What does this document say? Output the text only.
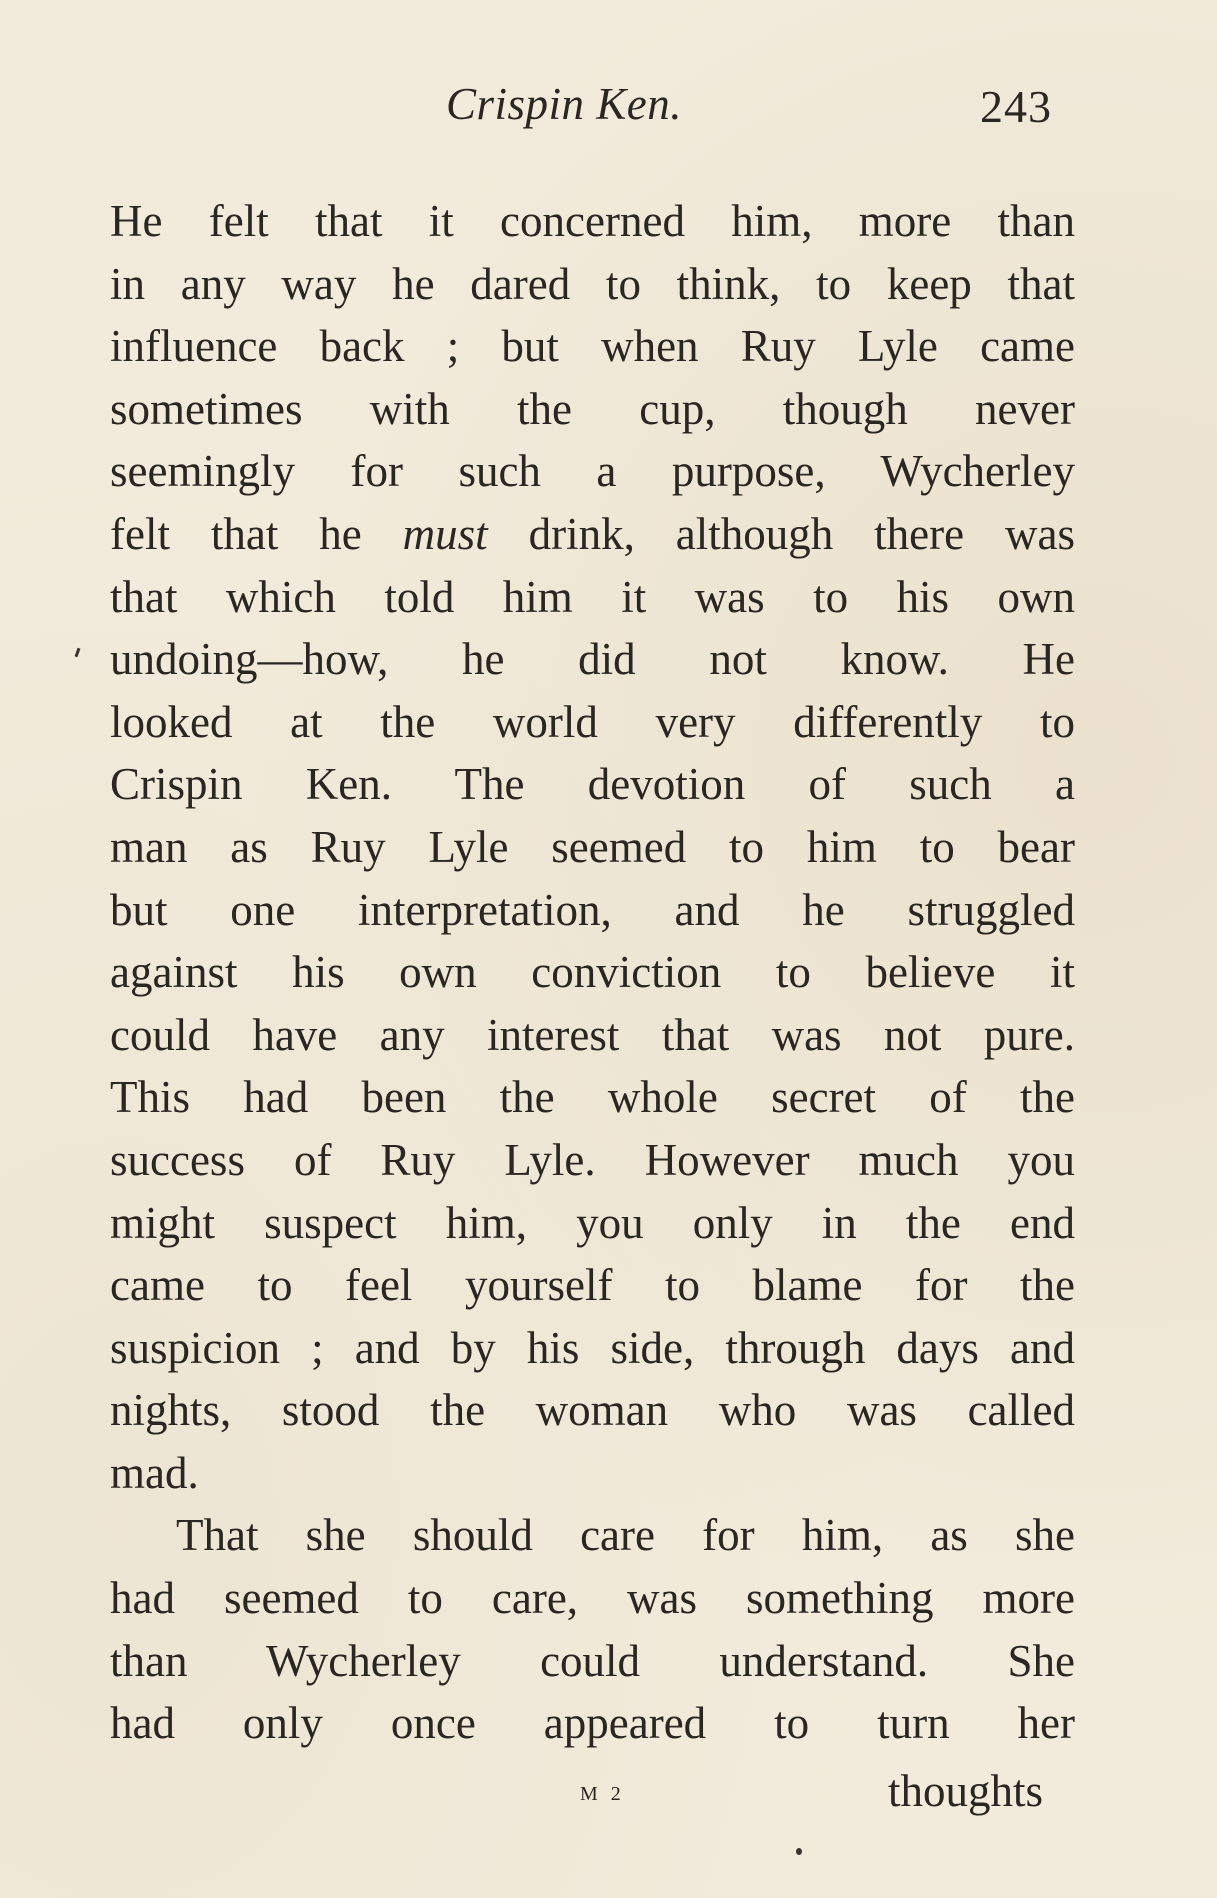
Crispin Ken.	243
He felt that it concerned him, more than
in any way he dared to think, to keep that
influence back ; but when Ruy Lyle came
sometimes with the cup, though never
seemingly for such a purpose, Wycherley
felt that he must drink, although there was
that which told him it was to his own
undoing—how, he did not know. He
looked at the world very differently to
Crispin Ken. The devotion of such a
man as Ruy Lyle seemed to him to bear
but one interpretation, and he struggled
against his own conviction to believe it
could have any interest that was not pure.
This had been the whole secret of the
success of Ruy Lyle. However much you
might suspect him, you only in the end
came to feel yourself to blame for the
suspicion ; and by his side, through days and
nights, stood the woman who was called
mad.
That she should care for him, as she
had seemed to care, was something more
than Wycherley could understand. She
had only once appeared to turn her
M 2	thoughts
